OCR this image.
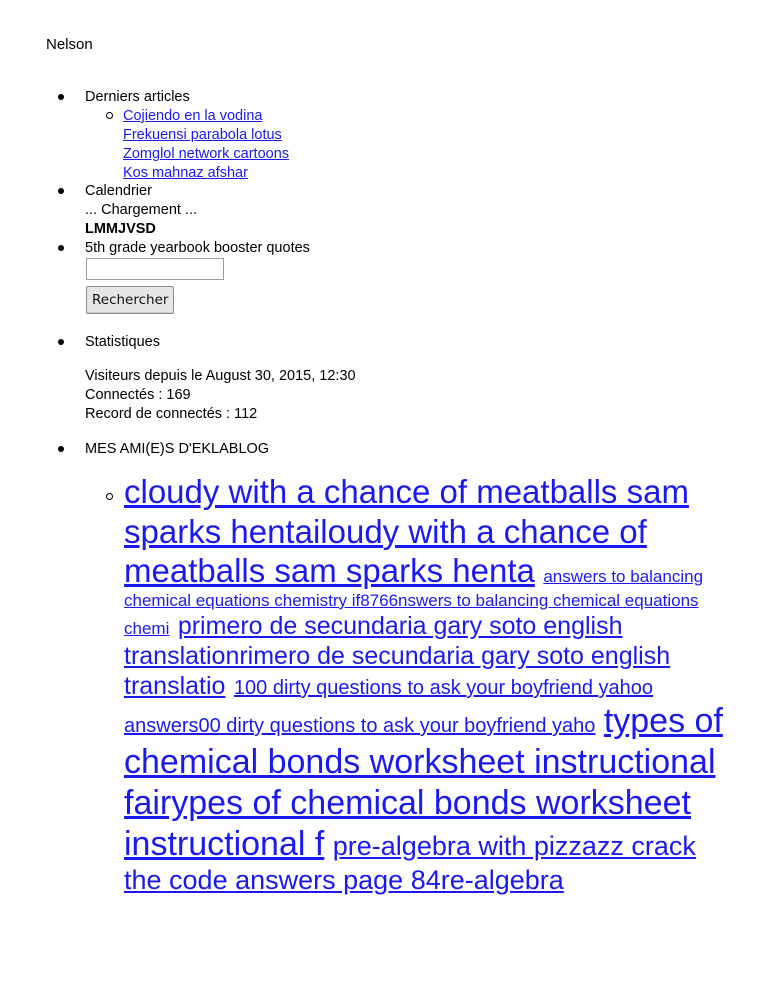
Nelson
Derniers articles
Cojiendo en la vodina
Frekuensi parabola lotus
Zomglol network cartoons
Kos mahnaz afshar
Calendrier
... Chargement ...
LMMJVSD
5th grade yearbook booster quotes
Rechercher
Statistiques
Visiteurs depuis le August 30, 2015, 12:30
Connectés : 169
Record de connectés : 112
MES AMI(E)S D'EKLABLOG
cloudy with a chance of meatballs sam sparks hentailoudy with a chance of meatballs sam sparks henta answers to balancing chemical equations chemistry if8766nswers to balancing chemical equations chemi primero de secundaria gary soto english translationrimero de secundaria gary soto english translatio 100 dirty questions to ask your boyfriend yahoo answers00 dirty questions to ask your boyfriend yaho types of chemical bonds worksheet instructional fairypes of chemical bonds worksheet instructional f pre-algebra with pizzazz crack the code answers page 84re-algebra
